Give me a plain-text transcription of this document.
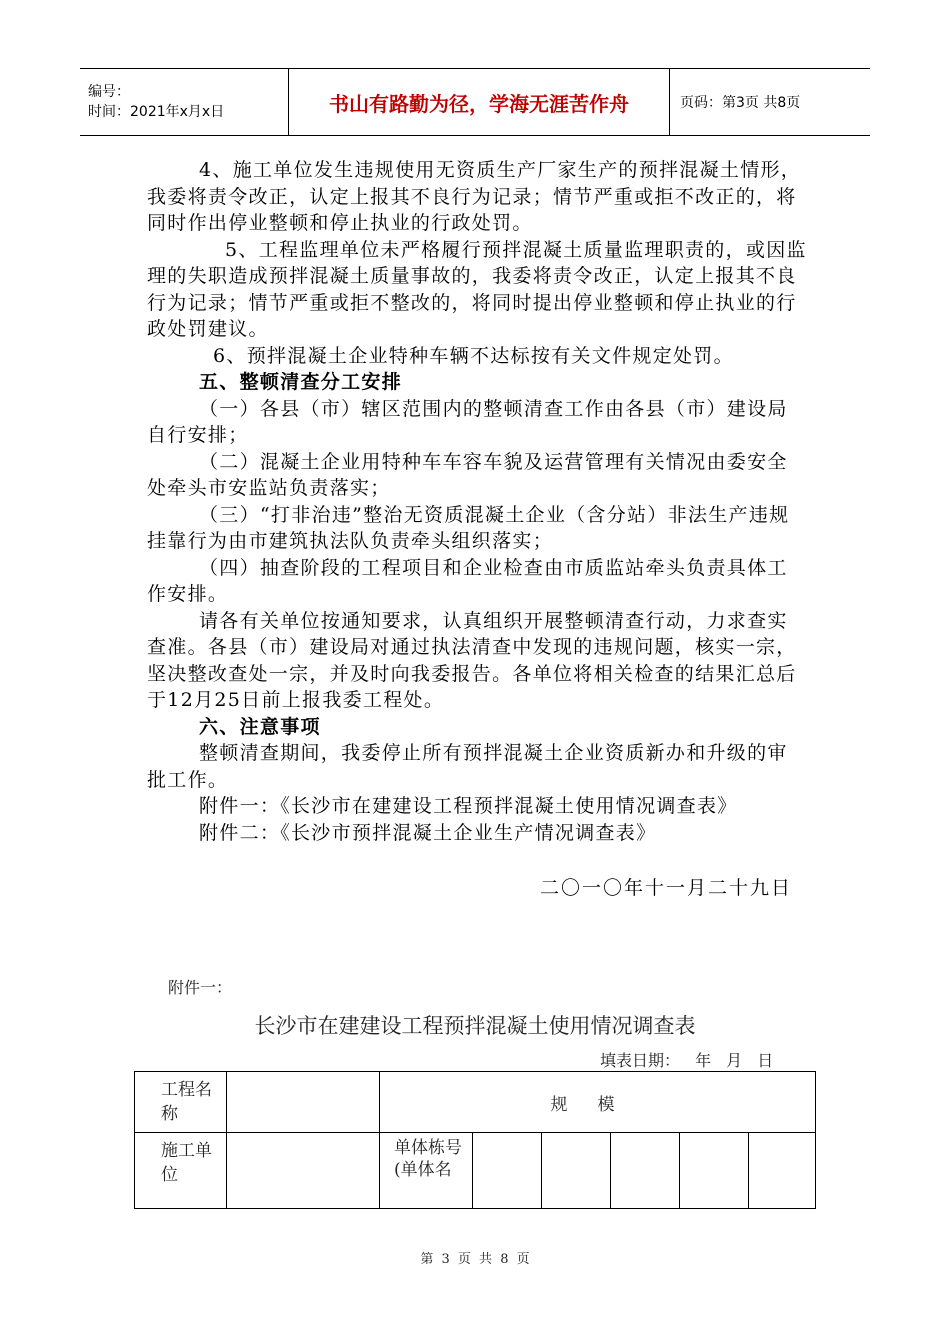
编号：
时间：2021年x月x日	书山有路勤为径，学海无涯苦作舟	页码：第3页 共8页

4、施工单位发生违规使用无资质生产厂家生产的预拌混凝土情形，我委将责令改正，认定上报其不良行为记录；情节严重或拒不改正的，将同时作出停业整顿和停止执业的行政处罚。

5、工程监理单位未严格履行预拌混凝土质量监理职责的，或因监理的失职造成预拌混凝土质量事故的，我委将责令改正，认定上报其不良行为记录；情节严重或拒不整改的，将同时提出停业整顿和停止执业的行政处罚建议。

6、预拌混凝土企业特种车辆不达标按有关文件规定处罚。

五、整顿清查分工安排

（一）各县（市）辖区范围内的整顿清查工作由各县（市）建设局自行安排；

（二）混凝土企业用特种车车容车貌及运营管理有关情况由委安全处牵头市安监站负责落实；

（三）“打非治违”整治无资质混凝土企业（含分站）非法生产违规挂靠行为由市建筑执法队负责牵头组织落实；

（四）抽查阶段的工程项目和企业检查由市质监站牵头负责具体工作安排。

请各有关单位按通知要求，认真组织开展整顿清查行动，力求查实查准。各县（市）建设局对通过执法清查中发现的违规问题，核实一宗，坚决整改查处一宗，并及时向我委报告。各单位将相关检查的结果汇总后于12月25日前上报我委工程处。

六、注意事项

整顿清查期间，我委停止所有预拌混凝土企业资质新办和升级的审批工作。

附件一：《长沙市在建建设工程预拌混凝土使用情况调查表》

附件二：《长沙市预拌混凝土企业生产情况调查表》

二〇一〇年十一月二十九日
附件一：
长沙市在建建设工程预拌混凝土使用情况调查表
填表日期： 年 月 日
工程名称		规模					
施工单位		单体栋号(单体名					
第 3 页 共 8 页
